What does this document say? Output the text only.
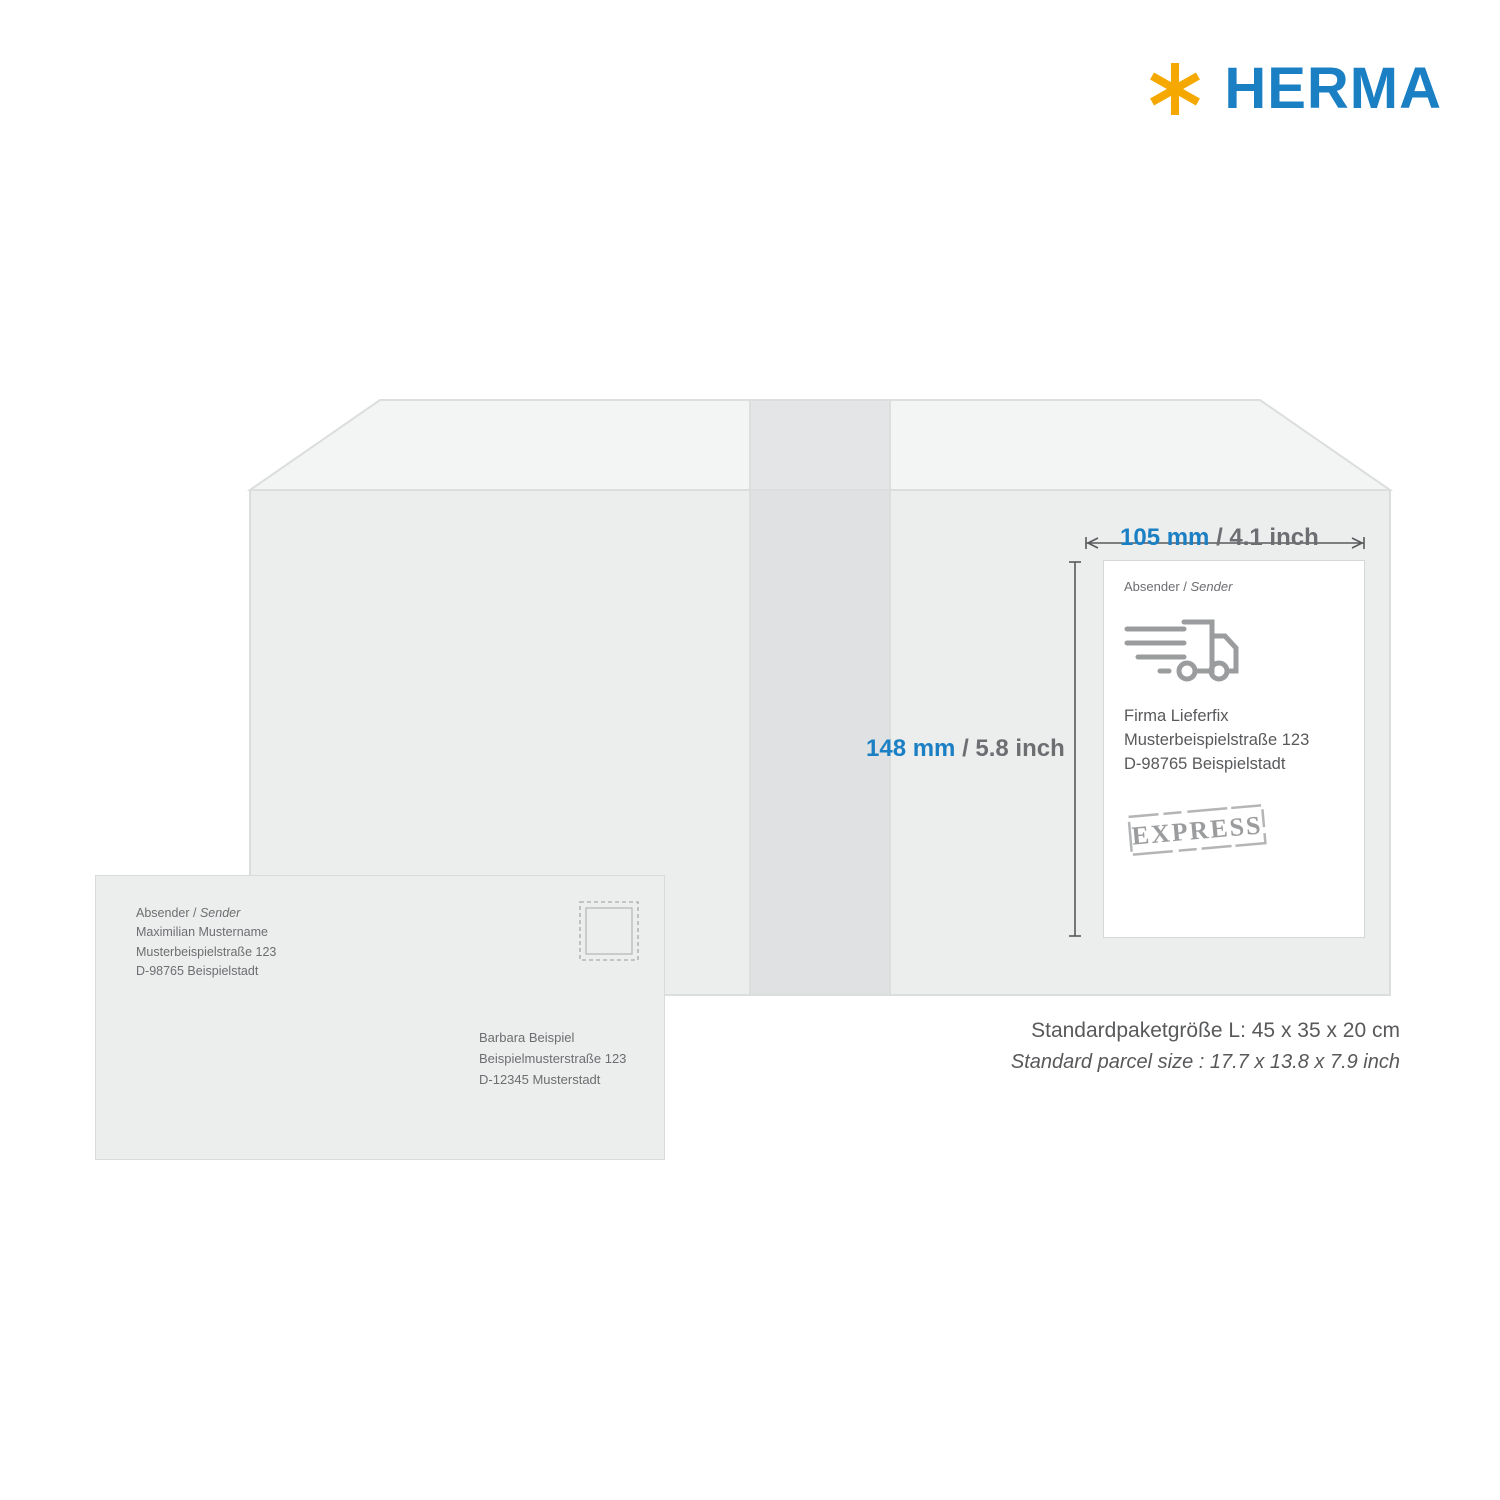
HERMA
105 mm / 4.1 inch
148 mm / 5.8 inch
Absender / Sender
Firma Lieferfix
Musterbeispielstraße 123
D-98765 Beispielstadt
EXPRESS
Standardpaketgröße L: 45 x 35 x 20 cm
Standard parcel size : 17.7 x 13.8 x 7.9 inch
Absender / Sender
Maximilian Mustername
Musterbeispielstraße 123
D-98765 Beispielstadt
Barbara Beispiel
Beispielmusterstraße 123
D-12345 Musterstadt
